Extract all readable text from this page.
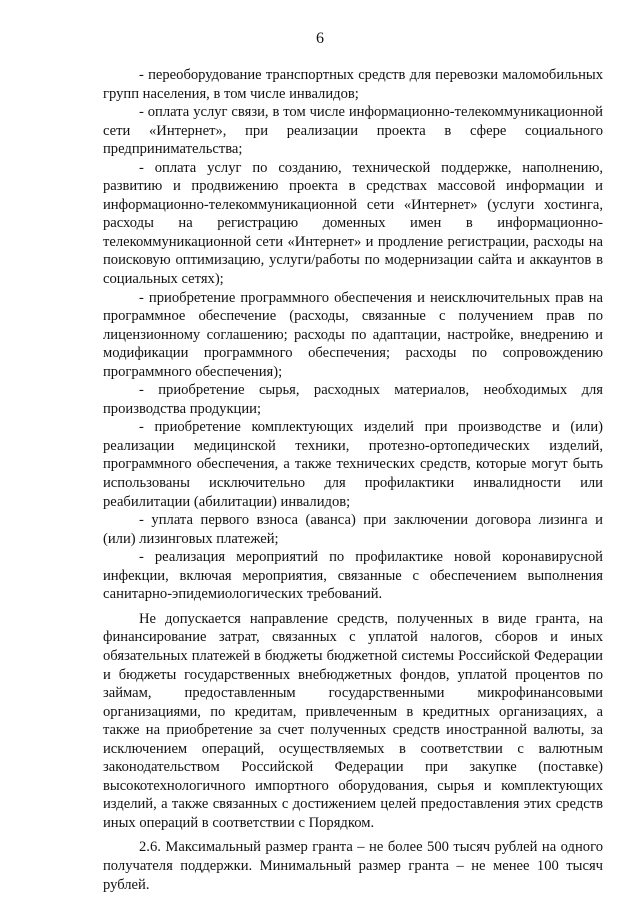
6

- переоборудование транспортных средств для перевозки маломобильных групп населения, в том числе инвалидов;

- оплата услуг связи, в том числе информационно-телекоммуникационной сети «Интернет», при реализации проекта в сфере социального предпринимательства;

- оплата услуг по созданию, технической поддержке, наполнению, развитию и продвижению проекта в средствах массовой информации и информационно-телекоммуникационной сети «Интернет» (услуги хостинга, расходы на регистрацию доменных имен в информационно-телекоммуникационной сети «Интернет» и продление регистрации, расходы на поисковую оптимизацию, услуги/работы по модернизации сайта и аккаунтов в социальных сетях);

- приобретение программного обеспечения и неисключительных прав на программное обеспечение (расходы, связанные с получением прав по лицензионному соглашению; расходы по адаптации, настройке, внедрению и модификации программного обеспечения; расходы по сопровождению программного обеспечения);

- приобретение сырья, расходных материалов, необходимых для производства продукции;

- приобретение комплектующих изделий при производстве и (или) реализации медицинской техники, протезно-ортопедических изделий, программного обеспечения, а также технических средств, которые могут быть использованы исключительно для профилактики инвалидности или реабилитации (абилитации) инвалидов;

- уплата первого взноса (аванса) при заключении договора лизинга и (или) лизинговых платежей;

- реализация мероприятий по профилактике новой коронавирусной инфекции, включая мероприятия, связанные с обеспечением выполнения санитарно-эпидемиологических требований.

Не допускается направление средств, полученных в виде гранта, на финансирование затрат, связанных с уплатой налогов, сборов и иных обязательных платежей в бюджеты бюджетной системы Российской Федерации и бюджеты государственных внебюджетных фондов, уплатой процентов по займам, предоставленным государственными микрофинансовыми организациями, по кредитам, привлеченным в кредитных организациях, а также на приобретение за счет полученных средств иностранной валюты, за исключением операций, осуществляемых в соответствии с валютным законодательством Российской Федерации при закупке (поставке) высокотехнологичного импортного оборудования, сырья и комплектующих изделий, а также связанных с достижением целей предоставления этих средств иных операций в соответствии с Порядком.

2.6. Максимальный размер гранта – не более 500 тысяч рублей на одного получателя поддержки. Минимальный размер гранта – не менее 100 тысяч рублей.
